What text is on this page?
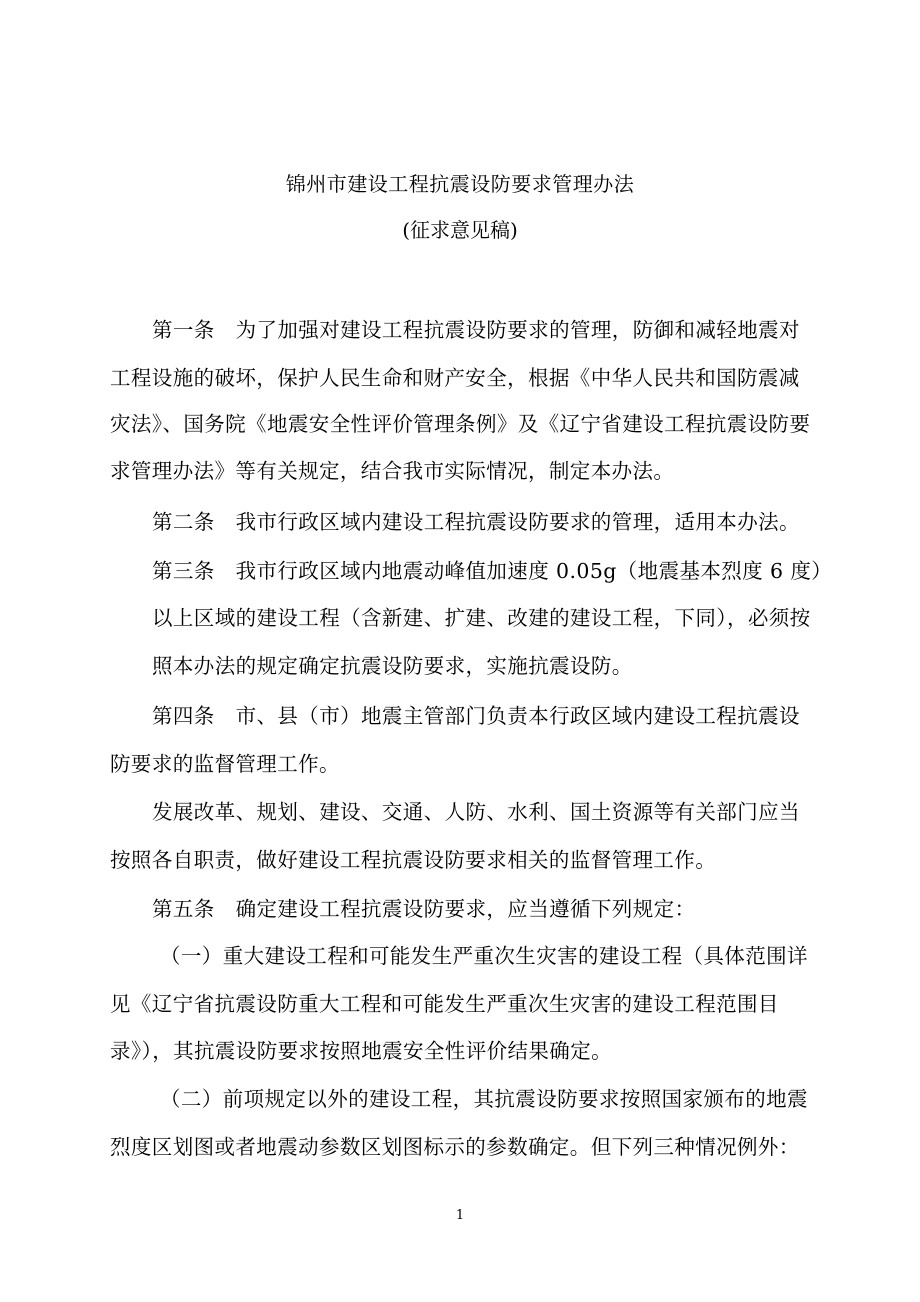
锦州市建设工程抗震设防要求管理办法
(征求意见稿)
第一条　为了加强对建设工程抗震设防要求的管理，防御和减轻地震对
工程设施的破坏，保护人民生命和财产安全，根据《中华人民共和国防震减
灾法》、国务院《地震安全性评价管理条例》及《辽宁省建设工程抗震设防要
求管理办法》等有关规定，结合我市实际情况，制定本办法。
第二条　我市行政区域内建设工程抗震设防要求的管理，适用本办法。
第三条　我市行政区域内地震动峰值加速度 0.05g（地震基本烈度 6 度）
以上区域的建设工程（含新建、扩建、改建的建设工程，下同），必须按
照本办法的规定确定抗震设防要求，实施抗震设防。
第四条　市、县（市）地震主管部门负责本行政区域内建设工程抗震设
防要求的监督管理工作。
发展改革、规划、建设、交通、人防、水利、国土资源等有关部门应当
按照各自职责，做好建设工程抗震设防要求相关的监督管理工作。
第五条　确定建设工程抗震设防要求，应当遵循下列规定：
（一）重大建设工程和可能发生严重次生灾害的建设工程（具体范围详
见《辽宁省抗震设防重大工程和可能发生严重次生灾害的建设工程范围目
录》），其抗震设防要求按照地震安全性评价结果确定。
（二）前项规定以外的建设工程，其抗震设防要求按照国家颁布的地震
烈度区划图或者地震动参数区划图标示的参数确定。但下列三种情况例外：
1
